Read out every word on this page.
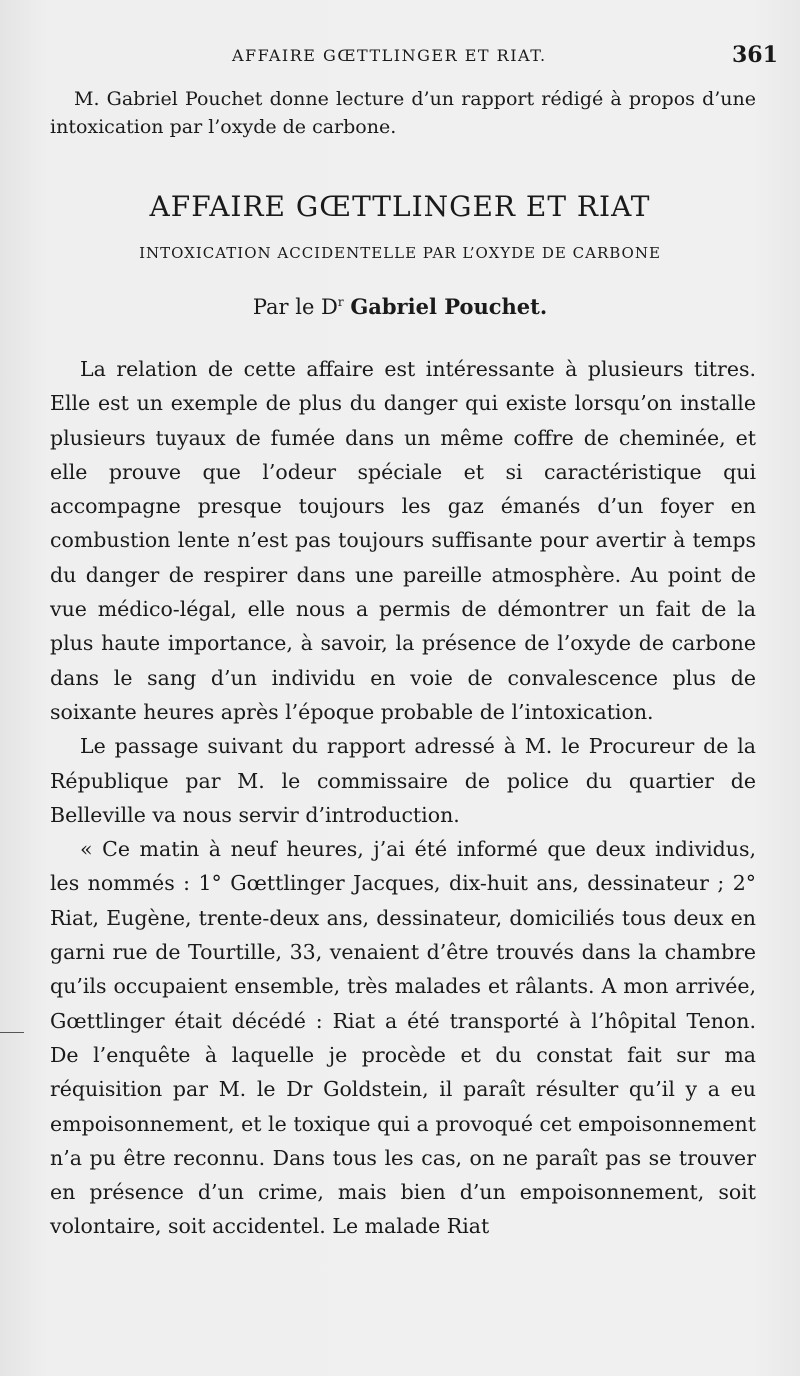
AFFAIRE GŒTTLINGER ET RIAT.	361
M. Gabriel Pouchet donne lecture d’un rapport rédigé à propos d’une intoxication par l’oxyde de carbone.
AFFAIRE GŒTTLINGER ET RIAT
INTOXICATION ACCIDENTELLE PAR L’OXYDE DE CARBONE
Par le $D^r$ Gabriel Pouchet.

La relation de cette affaire est intéressante à plusieurs titres. Elle est un exemple de plus du danger qui existe lorsqu’on installe plusieurs tuyaux de fumée dans un même coffre de cheminée, et elle prouve que l’odeur spéciale et si caractéristique qui accompagne presque toujours les gaz émanés d’un foyer en combustion lente n’est pas toujours suffisante pour avertir à temps du danger de respirer dans une pareille atmosphère. Au point de vue médico-légal, elle nous a permis de démontrer un fait de la plus haute importance, à savoir, la présence de l’oxyde de carbone dans le sang d’un individu en voie de convalescence plus de soixante heures après l’époque probable de l’intoxication.

Le passage suivant du rapport adressé à M. le Procureur de la République par M. le commissaire de police du quartier de Belleville va nous servir d’introduction.

« Ce matin à neuf heures, j’ai été informé que deux individus, les nommés : 1° Gœttlinger Jacques, dix-huit ans, dessinateur ; 2° Riat, Eugène, trente-deux ans, dessinateur, domiciliés tous deux en garni rue de Tourtille, 33, venaient d’être trouvés dans la chambre qu’ils occupaient ensemble, très malades et râlants. A mon arrivée, Gœttlinger était décédé : Riat a été transporté à l’hôpital Tenon. De l’enquête à laquelle je procède et du constat fait sur ma réquisition par M. le Dr Goldstein, il paraît résulter qu’il y a eu empoisonnement, et le toxique qui a provoqué cet empoisonnement n’a pu être reconnu. Dans tous les cas, on ne paraît pas se trouver en présence d’un crime, mais bien d’un empoisonnement, soit volontaire, soit accidentel. Le malade Riat
